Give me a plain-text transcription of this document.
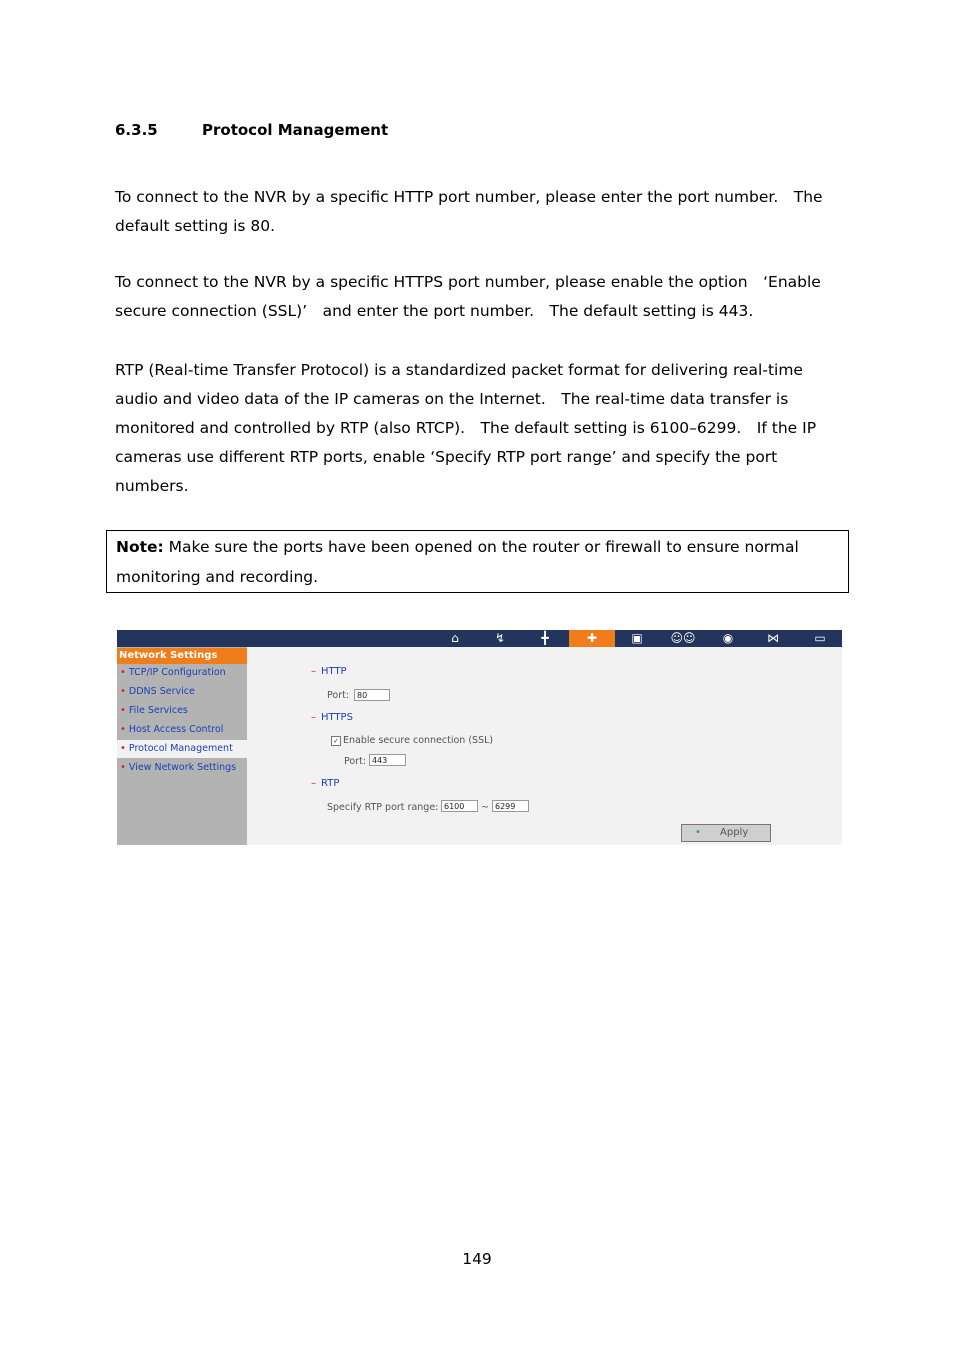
6.3.5	Protocol Management

To connect to the NVR by a specific HTTP port number, please enter the port number.　The default setting is 80.

To connect to the NVR by a specific HTTPS port number, please enable the option　‘Enable secure connection (SSL)’　and enter the port number.　The default setting is 443.

RTP (Real-time Transfer Protocol) is a standardized packet format for delivering real-time audio and video data of the IP cameras on the Internet.　The real-time data transfer is monitored and controlled by RTP (also RTCP).　The default setting is 6100–6299.　If the IP cameras use different RTP ports, enable ‘Specify RTP port range’ and specify the port numbers.

Note: Make sure the ports have been opened on the router or firewall to ensure normal monitoring and recording.

⌂	↯	╋	✚	▣	☺☺	◉	⋈	▭
Network Settings
• TCP/IP Configuration
• DDNS Service
• File Services
• Host Access Control
• Protocol Management
• View Network Settings
– HTTP
Port: 80
– HTTPS
✓ Enable secure connection (SSL)
Port: 443
– RTP
Specify RTP port range: 6100	~ 6299
• Apply
149
